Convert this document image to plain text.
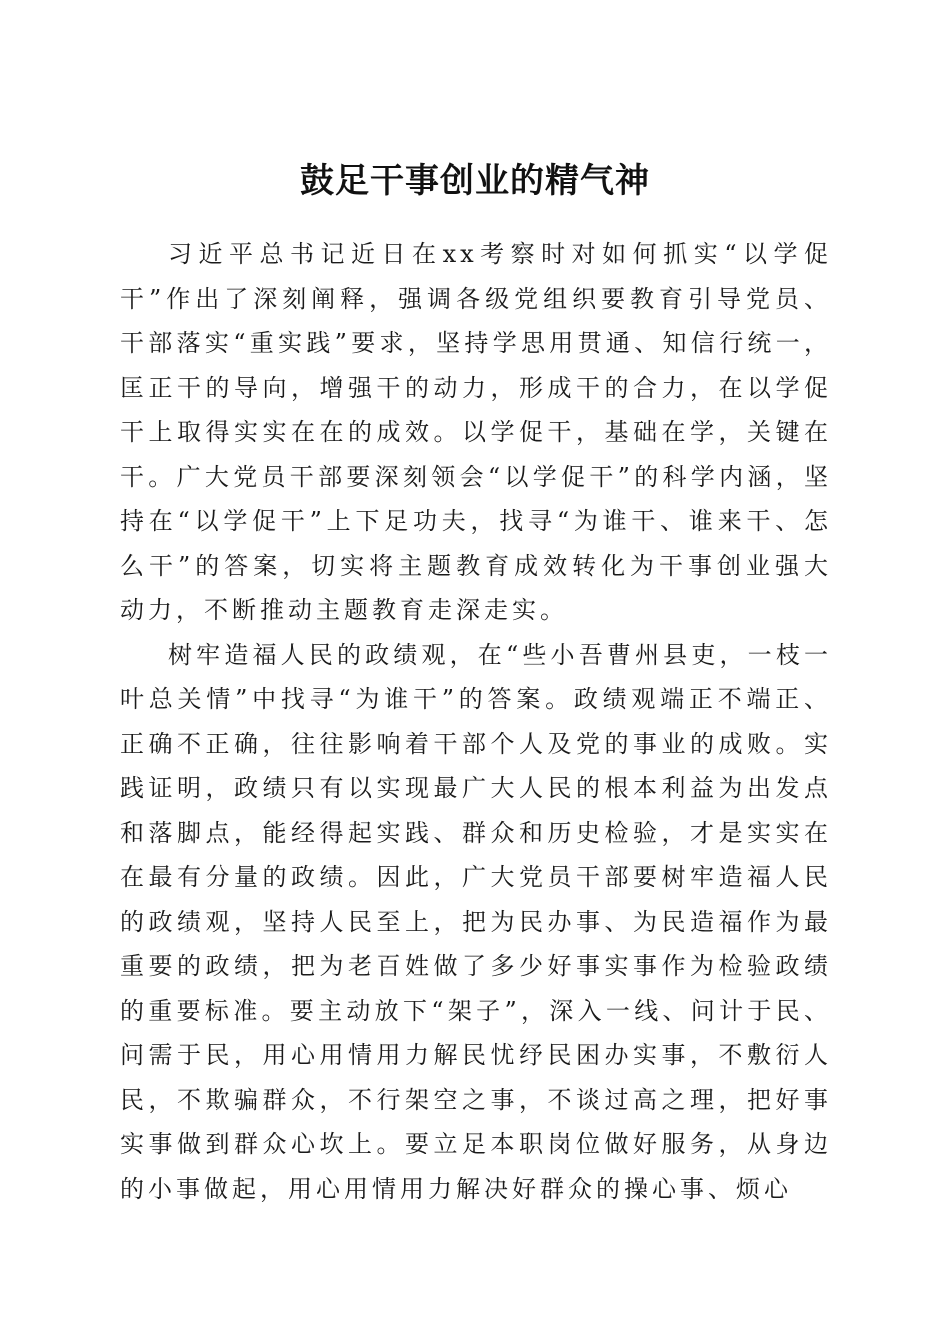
鼓足干事创业的精气神

习近平总书记近日在xx考察时对如何抓实“以学促干”作出了深刻阐释，强调各级党组织要教育引导党员、干部落实“重实践”要求，坚持学思用贯通、知信行统一，匡正干的导向，增强干的动力，形成干的合力，在以学促干上取得实实在在的成效。以学促干，基础在学，关键在干。广大党员干部要深刻领会“以学促干”的科学内涵，坚持在“以学促干”上下足功夫，找寻“为谁干、谁来干、怎么干”的答案，切实将主题教育成效转化为干事创业强大动力，不断推动主题教育走深走实。

树牢造福人民的政绩观，在“些小吾曹州县吏，一枝一叶总关情”中找寻“为谁干”的答案。政绩观端正不端正、正确不正确，往往影响着干部个人及党的事业的成败。实践证明，政绩只有以实现最广大人民的根本利益为出发点和落脚点，能经得起实践、群众和历史检验，才是实实在在最有分量的政绩。因此，广大党员干部要树牢造福人民的政绩观，坚持人民至上，把为民办事、为民造福作为最重要的政绩，把为老百姓做了多少好事实事作为检验政绩的重要标准。要主动放下“架子”，深入一线、问计于民、问需于民，用心用情用力解民忧纾民困办实事，不敷衍人民，不欺骗群众，不行架空之事，不谈过高之理，把好事实事做到群众心坎上。要立足本职岗位做好服务，从身边的小事做起，用心用情用力解决好群众的操心事、烦心
